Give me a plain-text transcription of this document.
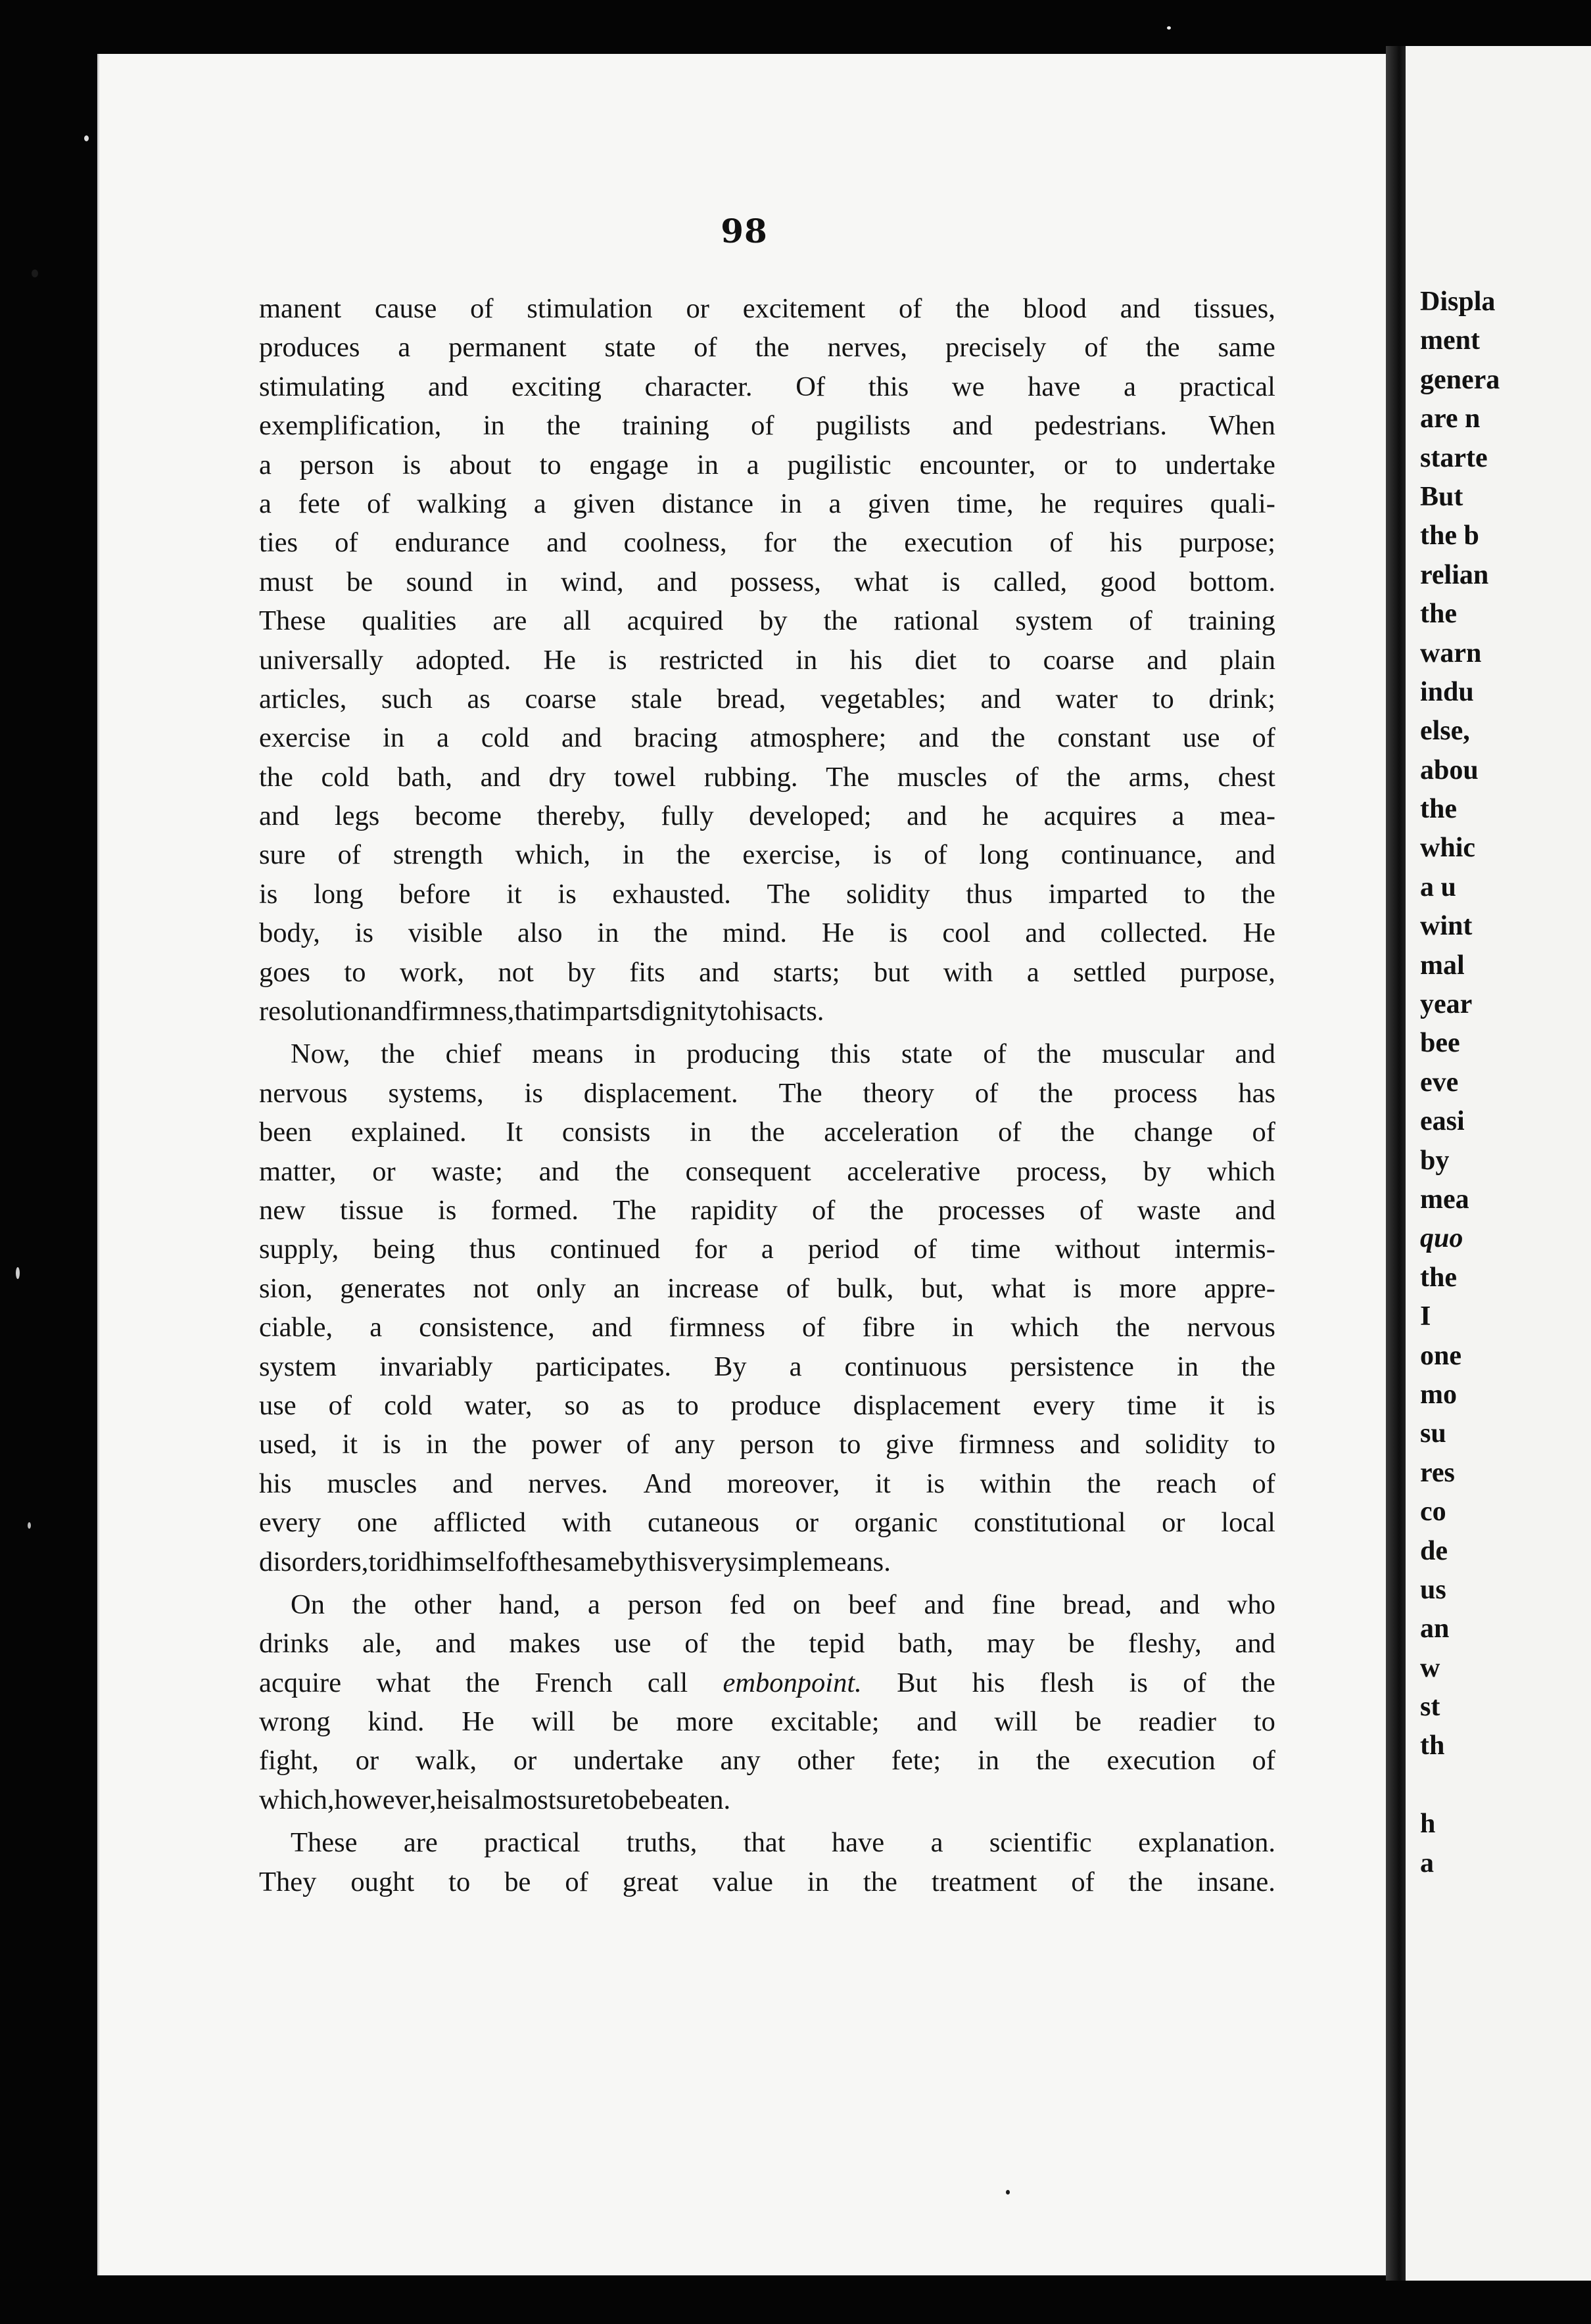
98
manent cause of stimulation or excitement of the blood and tissues,
produces a permanent state of the nerves, precisely of the same
stimulating and exciting character. Of this we have a practical
exemplification, in the training of pugilists and pedestrians. When
a person is about to engage in a pugilistic encounter, or to undertake
a fete of walking a given distance in a given time, he requires quali-
ties of endurance and coolness, for the execution of his purpose;
must be sound in wind, and possess, what is called, good bottom.
These qualities are all acquired by the rational system of training
universally adopted. He is restricted in his diet to coarse and plain
articles, such as coarse stale bread, vegetables; and water to drink;
exercise in a cold and bracing atmosphere; and the constant use of
the cold bath, and dry towel rubbing. The muscles of the arms, chest
and legs become thereby, fully developed; and he acquires a mea-
sure of strength which, in the exercise, is of long continuance, and
is long before it is exhausted. The solidity thus imparted to the
body, is visible also in the mind. He is cool and collected. He
goes to work, not by fits and starts; but with a settled purpose,
resolution and firmness, that imparts dignity to his acts.
Now, the chief means in producing this state of the muscular and
nervous systems, is displacement. The theory of the process has
been explained. It consists in the acceleration of the change of
matter, or waste; and the consequent accelerative process, by which
new tissue is formed. The rapidity of the processes of waste and
supply, being thus continued for a period of time without intermis-
sion, generates not only an increase of bulk, but, what is more appre-
ciable, a consistence, and firmness of fibre in which the nervous
system invariably participates. By a continuous persistence in the
use of cold water, so as to produce displacement every time it is
used, it is in the power of any person to give firmness and solidity to
his muscles and nerves. And moreover, it is within the reach of
every one afflicted with cutaneous or organic constitutional or local
disorders, to rid himself of the same by this very simple means.
On the other hand, a person fed on beef and fine bread, and who
drinks ale, and makes use of the tepid bath, may be fleshy, and
acquire what the French call embonpoint. But his flesh is of the
wrong kind. He will be more excitable; and will be readier to
fight, or walk, or undertake any other fete; in the execution of
which, however, he is almost sure to be beaten.
These are practical truths, that have a scientific explanation.
They ought to be of great value in the treatment of the insane.
Displa
ment
genera
are n
starte
But
the b
relian
the
warn
indu
else,
abou
the
whic
a u
wint
mal
year
bee
eve
easi
by
mea
quo
the
I
one
mo
su
res
co
de
us
an
w
st
th
h
a
